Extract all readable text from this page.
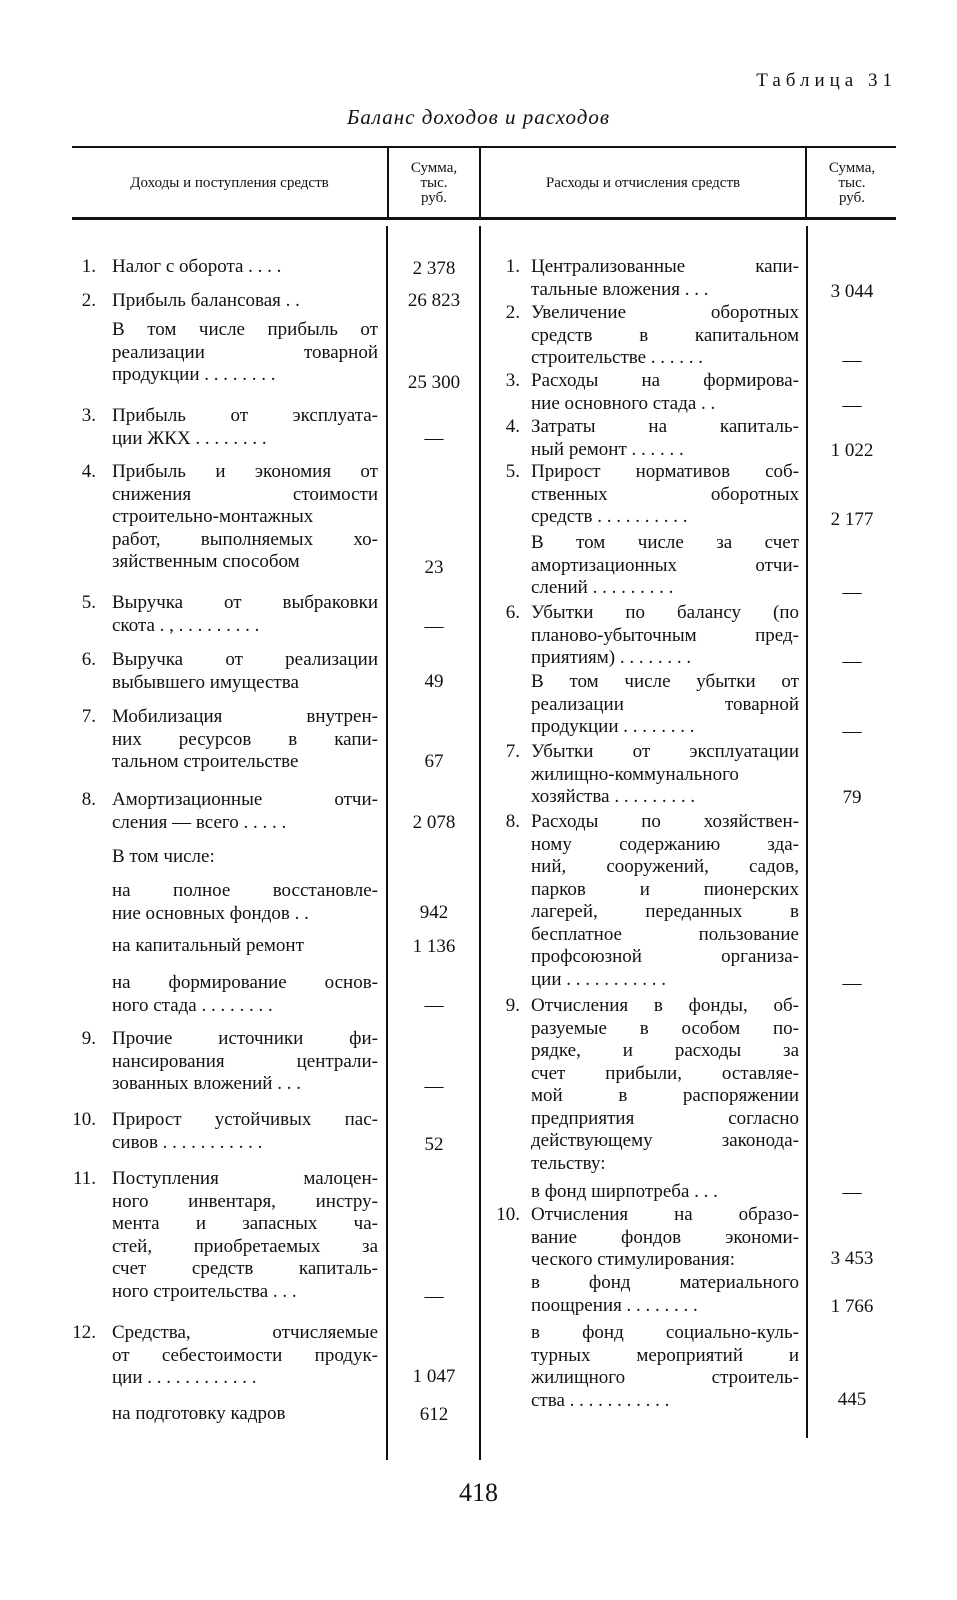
Таблица 31
Баланс доходов и расходов
Доходы и поступления средств
Сумма,
тыс.
руб.
Расходы и отчисления средств
Сумма,
тыс.
руб.
1. Налог с оборота . . . .
2. Прибыль балансовая . .
В том числе прибыль от
реализации товарной
продукции . . . . . . . .
3. Прибыль от эксплуата-
ции ЖКХ . . . . . . . .
4. Прибыль и экономия от
снижения стоимости
строительно-монтажных
работ, выполняемых хо-
зяйственным способом
5. Выручка от выбраковки
скота . , . . . . . . . . .
6. Выручка от реализации
выбывшего имущества
7. Мобилизация внутрен-
них ресурсов в капи-
тальном строительстве
8. Амортизационные отчи-
сления — всего . . . . .
В том числе:
на полное восстановле-
ние основных фондов . .
на капитальный ремонт
на формирование основ-
ного стада . . . . . . . .
9. Прочие источники фи-
нансирования централи-
зованных вложений . . .
10. Прирост устойчивых пас-
сивов . . . . . . . . . . .
11. Поступления малоцен-
ного инвентаря, инстру-
мента и запасных ча-
стей, приобретаемых за
счет средств капиталь-
ного строительства . . .
12. Средства, отчисляемые
от себестоимости продук-
ции . . . . . . . . . . . .
на подготовку кадров
1. Централизованные капи-
тальные вложения . . .
2. Увеличение оборотных
средств в капитальном
строительстве . . . . . .
3. Расходы на формирова-
ние основного стада . .
4. Затраты на капиталь-
ный ремонт . . . . . .
5. Прирост нормативов соб-
ственных оборотных
средств . . . . . . . . . .
В том числе за счет
амортизационных отчи-
слений . . . . . . . . .
6. Убытки по балансу (по
планово-убыточным пред-
приятиям) . . . . . . . .
В том числе убытки от
реализации товарной
продукции . . . . . . . .
7. Убытки от эксплуатации
жилищно-коммунального
хозяйства . . . . . . . . .
8. Расходы по хозяйствен-
ному содержанию зда-
ний, сооружений, садов,
парков и пионерских
лагерей, переданных в
бесплатное пользование
профсоюзной организа-
ции . . . . . . . . . . .
9. Отчисления в фонды, об-
разуемые в особом по-
рядке, и расходы за
счет прибыли, оставляе-
мой в распоряжении
предприятия согласно
действующему законода-
тельству:
в фонд ширпотреба . . .
10. Отчисления на образо-
вание фондов экономи-
ческого стимулирования:
в фонд материального
поощрения . . . . . . . .
в фонд социально-куль-
турных мероприятий и
жилищного строитель-
ства . . . . . . . . . . .
2 378
26 823
25 300
—
23
—
49
67
2 078
942
1 136
—
—
52
—
1 047
612
3 044
—
—
1 022
2 177
—
—
—
79
—
—
3 453
1 766
445
418
